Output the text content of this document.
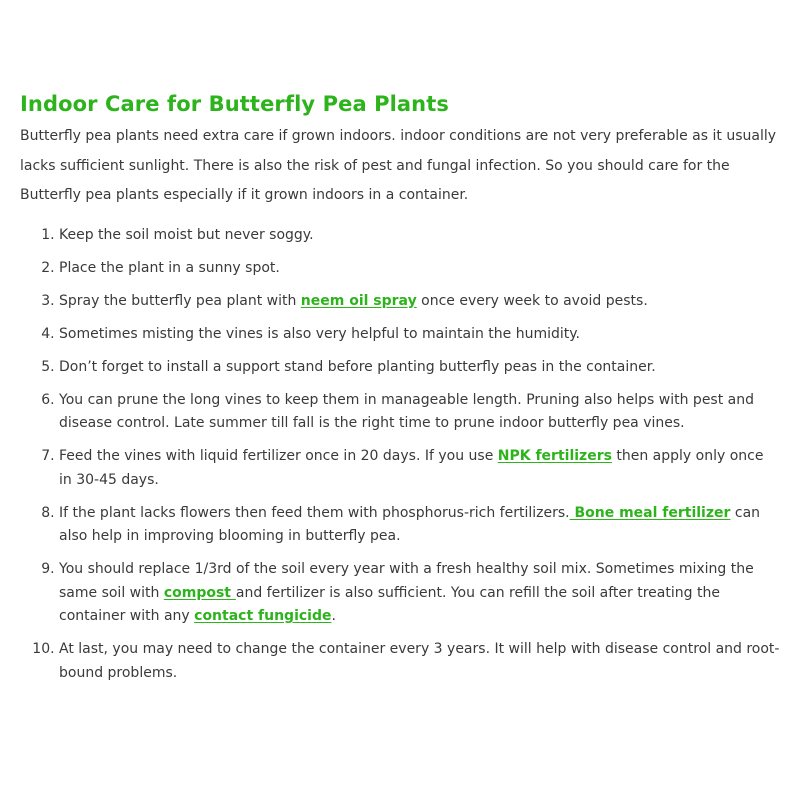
Indoor Care for Butterfly Pea Plants

Butterfly pea plants need extra care if grown indoors. indoor conditions are not very preferable as it usually lacks sufficient sunlight. There is also the risk of pest and fungal infection. So you should care for the Butterfly pea plants especially if it grown indoors in a container.

1. Keep the soil moist but never soggy.
2. Place the plant in a sunny spot.
3. Spray the butterfly pea plant with neem oil spray once every week to avoid pests.
4. Sometimes misting the vines is also very helpful to maintain the humidity.
5. Don’t forget to install a support stand before planting butterfly peas in the container.
6. You can prune the long vines to keep them in manageable length. Pruning also helps with pest and disease control. Late summer till fall is the right time to prune indoor butterfly pea vines.
7. Feed the vines with liquid fertilizer once in 20 days. If you use NPK fertilizers then apply only once in 30-45 days.
8. If the plant lacks flowers then feed them with phosphorus-rich fertilizers. Bone meal fertilizer can also help in improving blooming in butterfly pea.
9. You should replace 1/3rd of the soil every year with a fresh healthy soil mix. Sometimes mixing the same soil with compost and fertilizer is also sufficient. You can refill the soil after treating the container with any contact fungicide.
10. At last, you may need to change the container every 3 years. It will help with disease control and root-bound problems.
